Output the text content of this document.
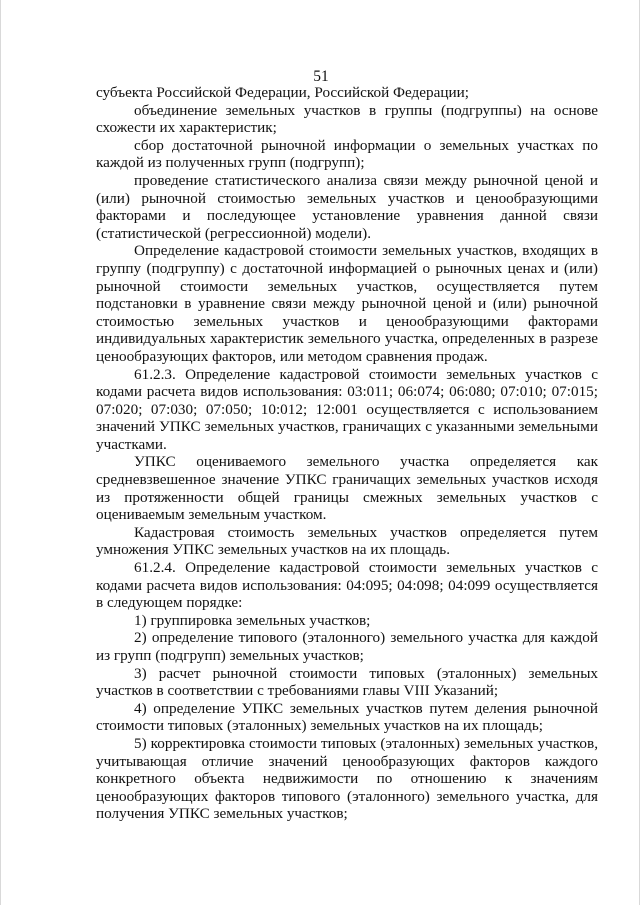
51

субъекта Российской Федерации, Российской Федерации;

объединение земельных участков в группы (подгруппы) на основе схожести их характеристик;

сбор достаточной рыночной информации о земельных участках по каждой из полученных групп (подгрупп);

проведение статистического анализа связи между рыночной ценой и (или) рыночной стоимостью земельных участков и ценообразующими факторами и последующее установление уравнения данной связи (статистической (регрессионной) модели).

Определение кадастровой стоимости земельных участков, входящих в группу (подгруппу) с достаточной информацией о рыночных ценах и (или) рыночной стоимости земельных участков, осуществляется путем подстановки в уравнение связи между рыночной ценой и (или) рыночной стоимостью земельных участков и ценообразующими факторами индивидуальных характеристик земельного участка, определенных в разрезе ценообразующих факторов, или методом сравнения продаж.

61.2.3. Определение кадастровой стоимости земельных участков с кодами расчета видов использования: 03:011; 06:074; 06:080; 07:010; 07:015; 07:020; 07:030; 07:050; 10:012; 12:001 осуществляется с использованием значений УПКС земельных участков, граничащих с указанными земельными участками.

УПКС оцениваемого земельного участка определяется как средневзвешенное значение УПКС граничащих земельных участков исходя из протяженности общей границы смежных земельных участков с оцениваемым земельным участком.

Кадастровая стоимость земельных участков определяется путем умножения УПКС земельных участков на их площадь.

61.2.4. Определение кадастровой стоимости земельных участков с кодами расчета видов использования: 04:095; 04:098; 04:099 осуществляется в следующем порядке:

1) группировка земельных участков;

2) определение типового (эталонного) земельного участка для каждой из групп (подгрупп) земельных участков;

3) расчет рыночной стоимости типовых (эталонных) земельных участков в соответствии с требованиями главы VIII Указаний;

4) определение УПКС земельных участков путем деления рыночной стоимости типовых (эталонных) земельных участков на их площадь;

5) корректировка стоимости типовых (эталонных) земельных участков, учитывающая отличие значений ценообразующих факторов каждого конкретного объекта недвижимости по отношению к значениям ценообразующих факторов типового (эталонного) земельного участка, для получения УПКС земельных участков;
